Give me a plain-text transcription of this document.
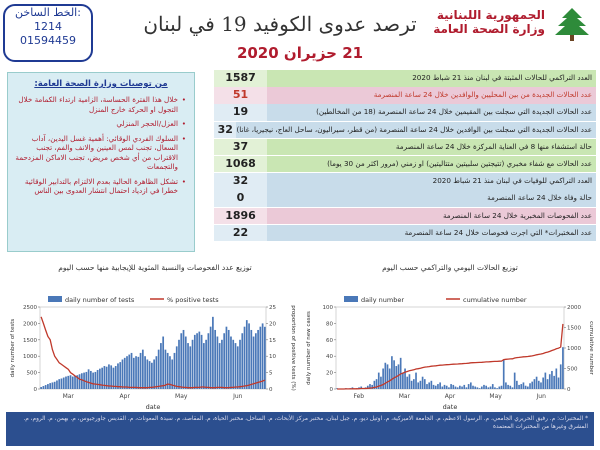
الخط الساخن:
1214
01594459
ترصد عدوى الكوفيد 19 في لبنان
21 حزيران 2020
الجمهورية اللبنانية
وزارة الصحة العامة
من توصيات وزارة الصحة العامة:
• خلال هذا الفترة الحساسة، الزامية ارتداء الكمامة خلال التجول او الحركة خارج المنزل
• العزل/الحجر المنزلي
• السلوك الفردي الوقائي: أهمية غسل اليدين، آداب السعال، تجنب لمس العينين والانف والفم، تجنب الاقتراب من أي شخص مريض، تجنب الاماكن المزدحمة والتجمعات
• تشكل الظاهرة الحالية بعدم الالتزام بالتدابير الوقائية خطرا في ازدياد احتمال انتشار العدوى بين الناس
1587	العدد التراكمي للحالات المثبتة في لبنان منذ 21 شباط 2020
51	عدد الحالات الجديدة من بين المحليين والوافدين خلال 24 ساعة المنصرمة
19	عدد الحالات الجديدة التي سجلت بين المقيمين خلال 24 ساعة المنصرمة (18 من المخالطين)
32 عدد الحالات الجديدة التي سجلت بين الوافدين خلال 24 ساعة المنصرمة (من قطر، سيراليون، ساحل العاج، نيجيريا، غانا)
37	حالة استشفاء منها 8 في العناية المركزة خلال 24 ساعة المنصرمة
1068	عدد الحالات مع شفاء مخبري (تتيجتين سلبيتين متتاليتين) او زمني (مرور اكثر من 30 يوما)
32	العدد التراكمي للوفيات في لبنان منذ 21 شباط 2020
0	حالة وفاة خلال 24 ساعة المنصرمة
1896	عدد الفحوصات المخبرية خلال 24 ساعة المنصرمة
22	عدد المختبرات* التي اجرت فحوصات خلال 24 ساعة المنصرمة
توزيع عدد الفحوصات والنسبة المئوية للإيجابية منها حسب اليوم	توزيع الحالات اليومي والتراكمي حسب اليوم
daily number of tests	% positive tests
0
500
1000
1500
2000
2500
0
5
10
15
20
25
daily number of tests	proportion of positive tests (%)
date
Mar	Apr	May	Jun
daily number	cumulative number
0
20
40
60
80
100
0
500
1000
1500
2000
daily number of new cases	cumulative number
date
Feb	Mar	Apr	May	Jun
* المختبرات: م. رفيق الحريري الجامعي، م. الرسول الاعظم، م. الجامعة الاميركية، م. اوتيل ديو، م. جبل لبنان، مختبر مركز الأبحاث، م. الساحل، مختبر الحياة، م. المقاصد، م. سيدة المعونات، م. القديس جاورجيوس، م. بهمن، م. الروم، م. المشرق وغيرها من المختبرات المعتمدة
